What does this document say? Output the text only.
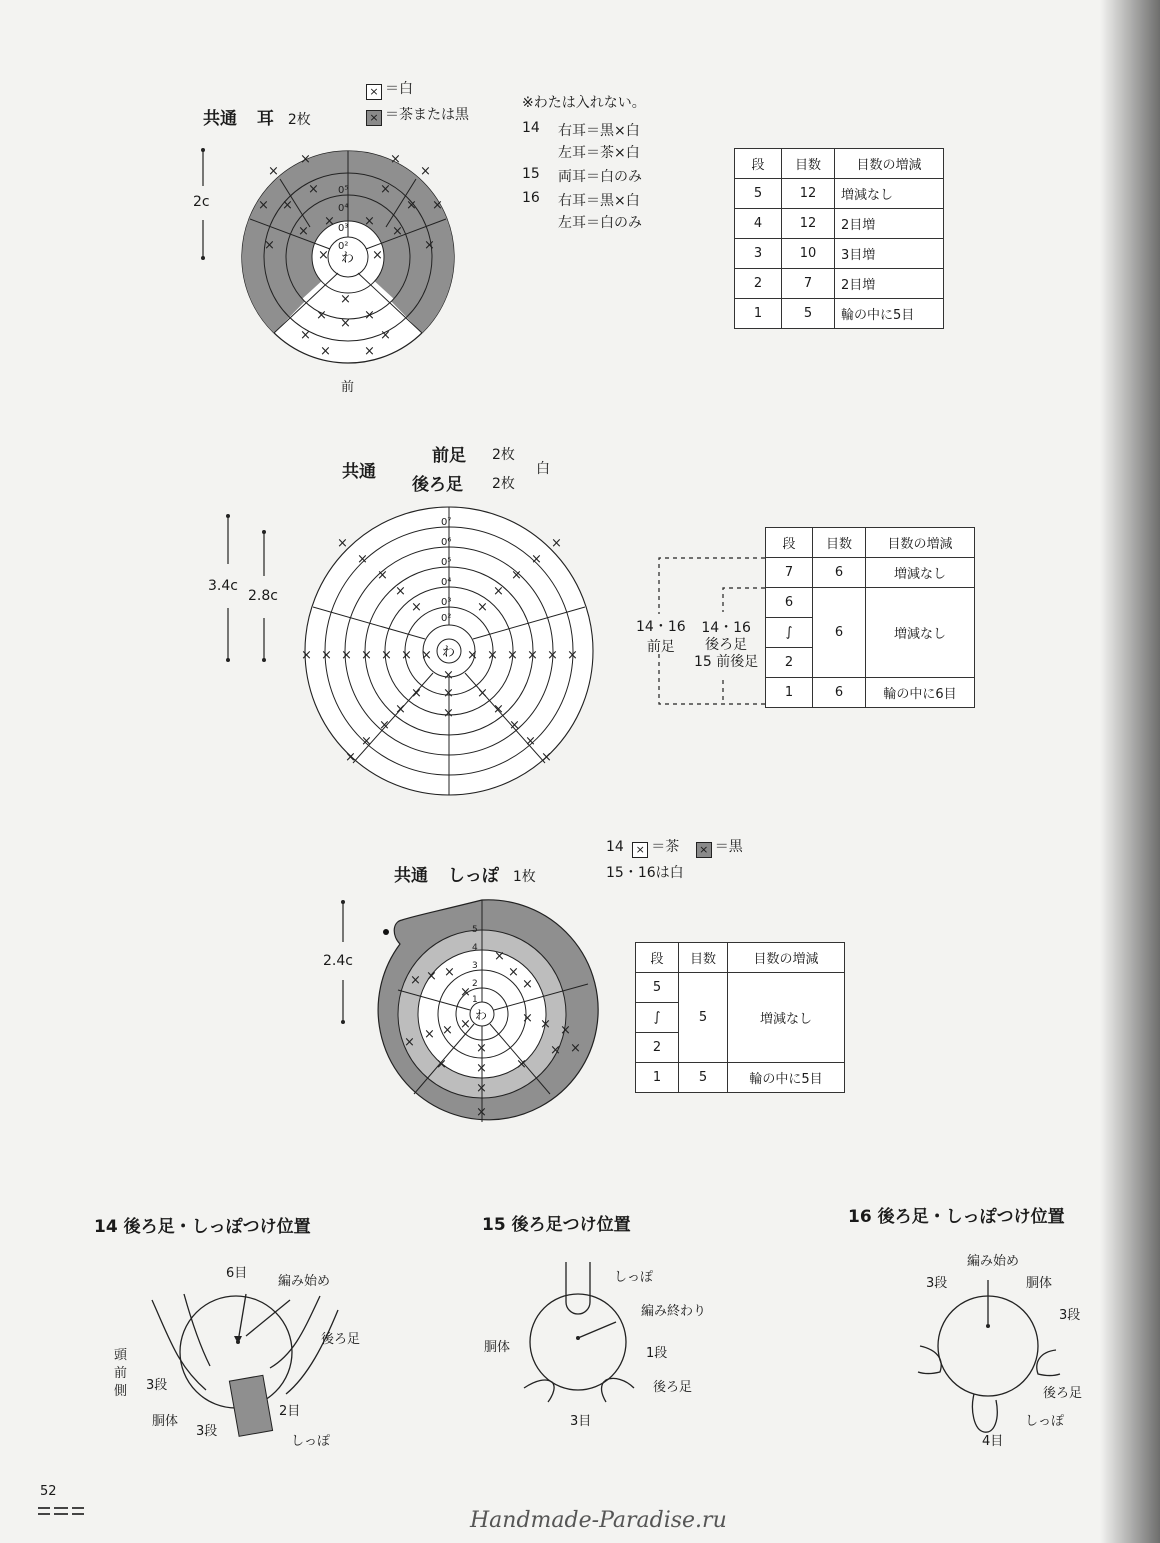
共通 耳 2枚
× ＝白
× ＝茶または黒
※わたは入れない。
14 右耳＝黒×白
左耳＝茶×白
15 両耳＝白のみ
16 右耳＝黒×白
左耳＝白のみ
2c
わ
×
×	×
×
×	×
×	×
×	×
×	×
× ×
×	×
×	×
×
×	×
×
×	×
×	×
0⁴
0⁵
0³
0²
前
段	目数	目数の増減
5	12	増減なし
4	12	2目増
3	10	3目増
2	7	2目増
1	5	輪の中に5目
共通
前足 2枚
後ろ足 2枚
白
3.4c
2.8c
わ
0⁷
0⁶
0⁵
0⁴
0³
0²
×
×
×
×
×
×
×
×
×
×
× × × × × × ×	× × × × × ×
×
×
×
×
×
×
×
×
×
×
×
×
×
14・16
前足
14・16
後ろ足
15 前後足
段	目数	目数の増減
7	6	増減なし
6	6	増減なし
∫		
2		
1	6	輪の中に6目
14 × ＝茶 × ＝黒
15・16は白
共通 しっぽ 1枚
2.4c
わ
5
4
3
2
1
×
×
×
× × ×
×
× ×
×
×
× × ×
× ×
×
×
×
×
×	×
段	目数	目数の増減
5	5	増減なし
∫		
2		
1	5	輪の中に5目
14 後ろ足・しっぽつけ位置
6目
編み始め
後ろ足
頭
前
側 3段
胴体
3段
2目
しっぽ
15 後ろ足つけ位置
しっぽ
編み終わり
胴体	1段
後ろ足
3目
16 後ろ足・しっぽつけ位置
編み始め
3段	胴体
3段
後ろ足
しっぽ
4目
52
Handmade-Paradise.ru
